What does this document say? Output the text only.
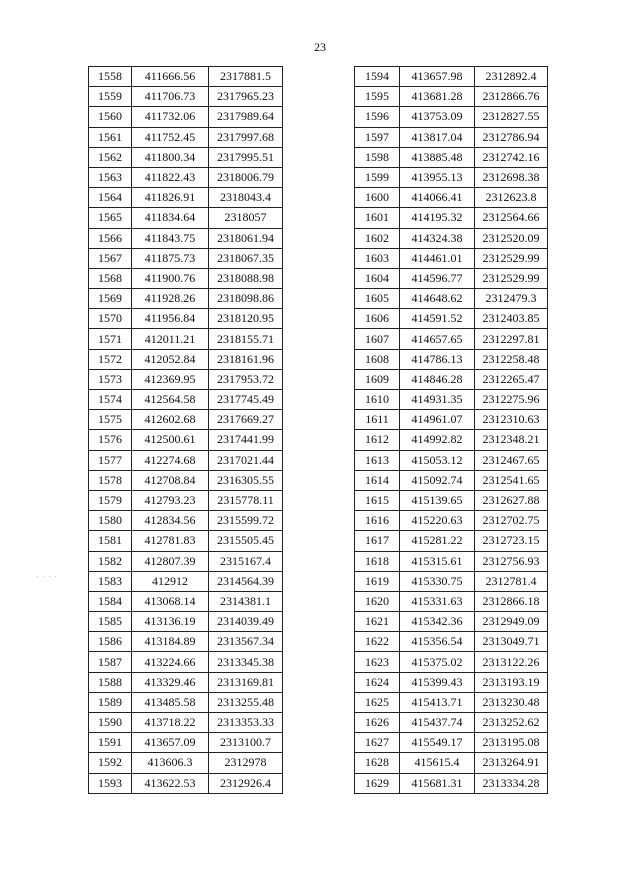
23
1558	411666.56	2317881.5
1559	411706.73	2317965.23
1560	411732.06	2317989.64
1561	411752.45	2317997.68
1562	411800.34	2317995.51
1563	411822.43	2318006.79
1564	411826.91	2318043.4
1565	411834.64	2318057
1566	411843.75	2318061.94
1567	411875.73	2318067.35
1568	411900.76	2318088.98
1569	411928.26	2318098.86
1570	411956.84	2318120.95
1571	412011.21	2318155.71
1572	412052.84	2318161.96
1573	412369.95	2317953.72
1574	412564.58	2317745.49
1575	412602.68	2317669.27
1576	412500.61	2317441.99
1577	412274.68	2317021.44
1578	412708.84	2316305.55
1579	412793.23	2315778.11
1580	412834.56	2315599.72
1581	412781.83	2315505.45
1582	412807.39	2315167.4
1583	412912	2314564.39
1584	413068.14	2314381.1
1585	413136.19	2314039.49
1586	413184.89	2313567.34
1587	413224.66	2313345.38
1588	413329.46	2313169.81
1589	413485.58	2313255.48
1590	413718.22	2313353.33
1591	413657.09	2313100.7
1592	413606.3	2312978
1593	413622.53	2312926.4
1594	413657.98	2312892.4
1595	413681.28	2312866.76
1596	413753.09	2312827.55
1597	413817.04	2312786.94
1598	413885.48	2312742.16
1599	413955.13	2312698.38
1600	414066.41	2312623.8
1601	414195.32	2312564.66
1602	414324.38	2312520.09
1603	414461.01	2312529.99
1604	414596.77	2312529.99
1605	414648.62	2312479.3
1606	414591.52	2312403.85
1607	414657.65	2312297.81
1608	414786.13	2312258.48
1609	414846.28	2312265.47
1610	414931.35	2312275.96
1611	414961.07	2312310.63
1612	414992.82	2312348.21
1613	415053.12	2312467.65
1614	415092.74	2312541.65
1615	415139.65	2312627.88
1616	415220.63	2312702.75
1617	415281.22	2312723.15
1618	415315.61	2312756.93
1619	415330.75	2312781.4
1620	415331.63	2312866.18
1621	415342.36	2312949.09
1622	415356.54	2313049.71
1623	415375.02	2313122.26
1624	415399.43	2313193.19
1625	415413.71	2313230.48
1626	415437.74	2313252.62
1627	415549.17	2313195.08
1628	415615.4	2313264.91
1629	415681.31	2313334.28
· · · ·
